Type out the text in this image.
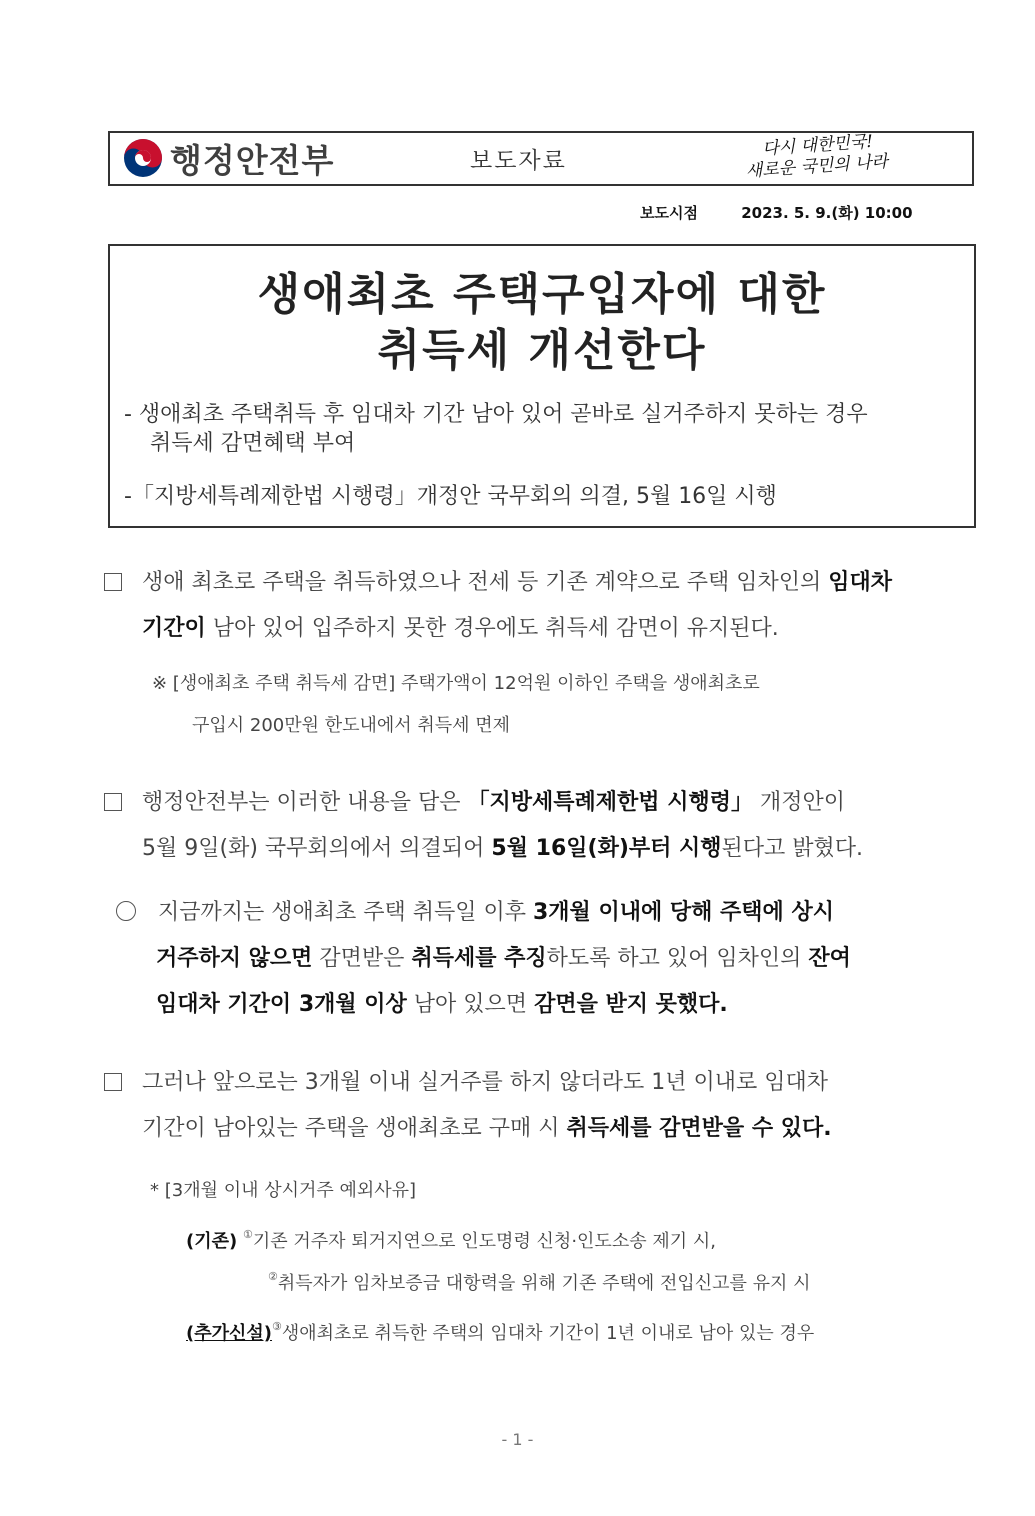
행정안전부	보도자료
다시 대한민국!
새로운 국민의 나라
보도시점	2023. 5. 9.(화) 10:00
생애최초 주택구입자에 대한
취득세 개선한다
- 생애최초 주택취득 후 임대차 기간 남아 있어 곧바로 실거주하지 못하는 경우
취득세 감면혜택 부여
-「지방세특례제한법 시행령」개정안 국무회의 의결, 5월 16일 시행
생애 최초로 주택을 취득하였으나 전세 등 기존 계약으로 주택 임차인의 임대차
기간이 남아 있어 입주하지 못한 경우에도 취득세 감면이 유지된다.
※ [생애최초 주택 취득세 감면] 주택가액이 12억원 이하인 주택을 생애최초로
구입시 200만원 한도내에서 취득세 면제
행정안전부는 이러한 내용을 담은 「지방세특례제한법 시행령」 개정안이
5월 9일(화) 국무회의에서 의결되어 5월 16일(화)부터 시행된다고 밝혔다.
지금까지는 생애최초 주택 취득일 이후 3개월 이내에 당해 주택에 상시
거주하지 않으면 감면받은 취득세를 추징하도록 하고 있어 임차인의 잔여
임대차 기간이 3개월 이상 남아 있으면 감면을 받지 못했다.
그러나 앞으로는 3개월 이내 실거주를 하지 않더라도 1년 이내로 임대차
기간이 남아있는 주택을 생애최초로 구매 시 취득세를 감면받을 수 있다.
* [3개월 이내 상시거주 예외사유]
(기존) ①기존 거주자 퇴거지연으로 인도명령 신청·인도소송 제기 시,
②취득자가 임차보증금 대항력을 위해 기존 주택에 전입신고를 유지 시
(추가신설)③생애최초로 취득한 주택의 임대차 기간이 1년 이내로 남아 있는 경우
- 1 -
